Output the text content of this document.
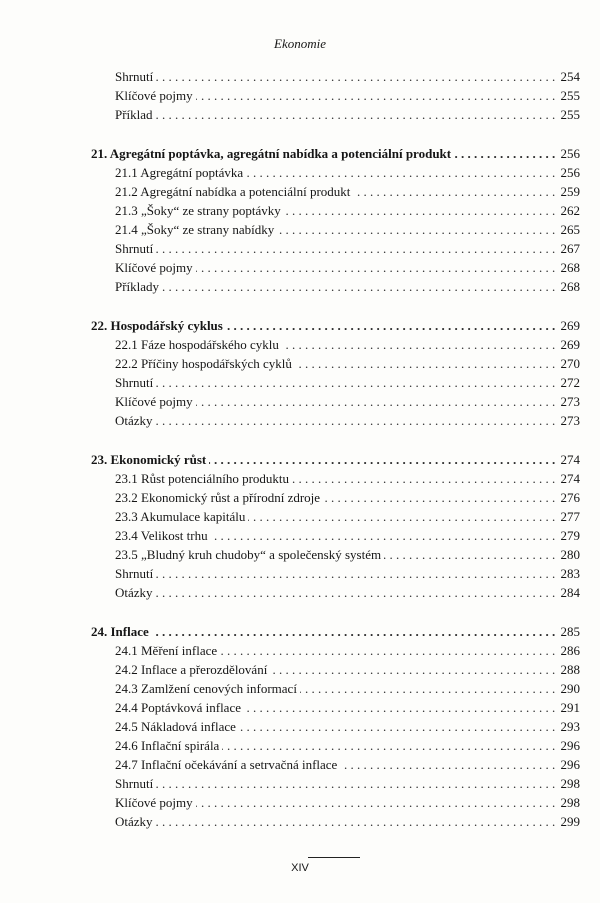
Ekonomie
. . .
Shrnutí	254
. . .
Klíčové pojmy	255
. . .
Příklad	255
. . .
21. Agregátní poptávka, agregátní nabídka a potenciální produkt	256
. . .
21.1 Agregátní poptávka	256
. . .
21.2 Agregátní nabídka a potenciální produkt	259
. . .
21.3 „Šoky“ ze strany poptávky	262
. . .
21.4 „Šoky“ ze strany nabídky	265
. . .
Shrnutí	267
. . .
Klíčové pojmy	268
. . .
Příklady	268
. . .
22. Hospodářský cyklus	269
. . .
22.1 Fáze hospodářského cyklu	269
. . .
22.2 Příčiny hospodářských cyklů	270
. . .
Shrnutí	272
. . .
Klíčové pojmy	273
. . .
Otázky	273
. . .
23. Ekonomický růst	274
. . .
23.1 Růst potenciálního produktu	274
. . .
23.2 Ekonomický růst a přírodní zdroje	276
. . .
23.3 Akumulace kapitálu	277
. . .
23.4 Velikost trhu	279
. . .
23.5 „Bludný kruh chudoby“ a společenský systém	280
. . .
Shrnutí	283
. . .
Otázky	284
. . .
24. Inflace	285
. . .
24.1 Měření inflace	286
. . .
24.2 Inflace a přerozdělování	288
. . .
24.3 Zamlžení cenových informací	290
. . .
24.4 Poptávková inflace	291
. . .
24.5 Nákladová inflace	293
. . .
24.6 Inflační spirála	296
. . .
24.7 Inflační očekávání a setrvačná inflace	296
. . .
Shrnutí	298
. . .
Klíčové pojmy	298
. . .
Otázky	299
XIV
